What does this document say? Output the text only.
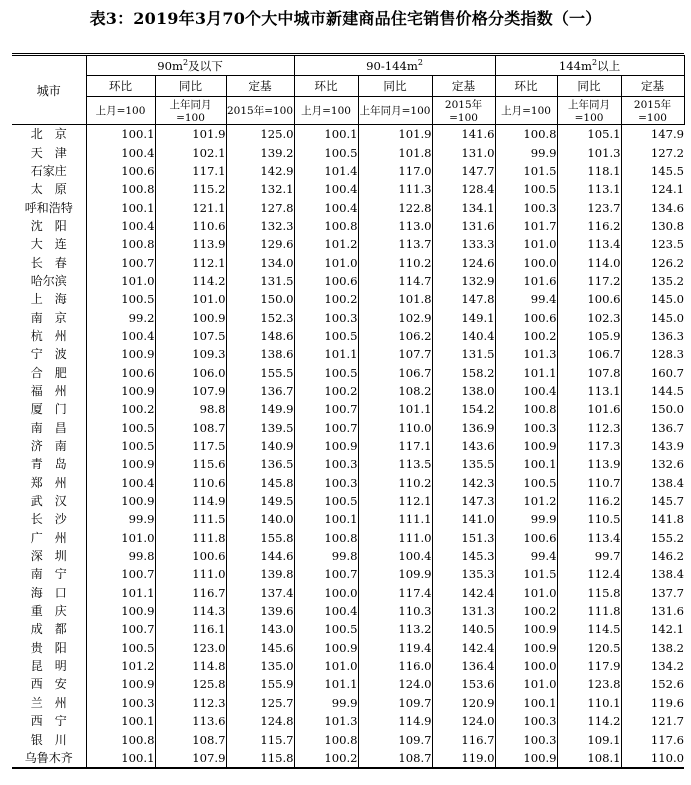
表3：2019年3月70个大中城市新建商品住宅销售价格分类指数（一）
城市	$90m^2$及以下			$90-144m^2$			$144m^2$以上		
	环比	同比	定基	环比	同比	定基	环比	同比	定基
	上月=100	上年同月=100	2015年=100	上月=100	上年同月=100	2015年=100	上月=100	上年同月=100	2015年=100
北　京	100.1	101.9	125.0	100.1	101.9	141.6	100.8	105.1	147.9
天　津	100.4	102.1	139.2	100.5	101.8	131.0	99.9	101.3	127.2
石家庄	100.6	117.1	142.9	101.4	117.0	147.7	101.5	118.1	145.5
太　原	100.8	115.2	132.1	100.4	111.3	128.4	100.5	113.1	124.1
呼和浩特	100.1	121.1	127.8	100.4	122.8	134.1	100.3	123.7	134.6
沈　阳	100.4	110.6	132.3	100.8	113.0	131.6	101.7	116.2	130.8
大　连	100.8	113.9	129.6	101.2	113.7	133.3	101.0	113.4	123.5
长　春	100.7	112.1	134.0	101.0	110.2	124.6	100.0	114.0	126.2
哈尔滨	101.0	114.2	131.5	100.6	114.7	132.9	101.6	117.2	135.2
上　海	100.5	101.0	150.0	100.2	101.8	147.8	99.4	100.6	145.0
南　京	99.2	100.9	152.3	100.3	102.9	149.1	100.6	102.3	145.0
杭　州	100.4	107.5	148.6	100.5	106.2	140.4	100.2	105.9	136.3
宁　波	100.9	109.3	138.6	101.1	107.7	131.5	101.3	106.7	128.3
合　肥	100.6	106.0	155.5	100.5	106.7	158.2	101.1	107.8	160.7
福　州	100.9	107.9	136.7	100.2	108.2	138.0	100.4	113.1	144.5
厦　门	100.2	98.8	149.9	100.7	101.1	154.2	100.8	101.6	150.0
南　昌	100.5	108.7	139.5	100.7	110.0	136.9	100.3	112.3	136.7
济　南	100.5	117.5	140.9	100.9	117.1	143.6	100.9	117.3	143.9
青　岛	100.9	115.6	136.5	100.3	113.5	135.5	100.1	113.9	132.6
郑　州	100.4	110.6	145.8	100.3	110.2	142.3	100.5	110.7	138.4
武　汉	100.9	114.9	149.5	100.5	112.1	147.3	101.2	116.2	145.7
长　沙	99.9	111.5	140.0	100.1	111.1	141.0	99.9	110.5	141.8
广　州	101.0	111.8	155.8	100.8	111.0	151.3	100.6	113.4	155.2
深　圳	99.8	100.6	144.6	99.8	100.4	145.3	99.4	99.7	146.2
南　宁	100.7	111.0	139.8	100.7	109.9	135.3	101.5	112.4	138.4
海　口	101.1	116.7	137.4	100.0	117.4	142.4	101.0	115.8	137.7
重　庆	100.9	114.3	139.6	100.4	110.3	131.3	100.2	111.8	131.6
成　都	100.7	116.1	143.0	100.5	113.2	140.5	100.9	114.5	142.1
贵　阳	100.5	123.0	145.6	100.9	119.4	142.4	100.9	120.5	138.2
昆　明	101.2	114.8	135.0	101.0	116.0	136.4	100.0	117.9	134.2
西　安	100.9	125.8	155.9	101.1	124.0	153.6	101.0	123.8	152.6
兰　州	100.3	112.3	125.7	99.9	109.7	120.9	100.1	110.1	119.6
西　宁	100.1	113.6	124.8	101.3	114.9	124.0	100.3	114.2	121.7
银　川	100.8	108.7	115.7	100.8	109.7	116.7	100.3	109.1	117.6
乌鲁木齐	100.1	107.9	115.8	100.2	108.7	119.0	100.9	108.1	110.0
